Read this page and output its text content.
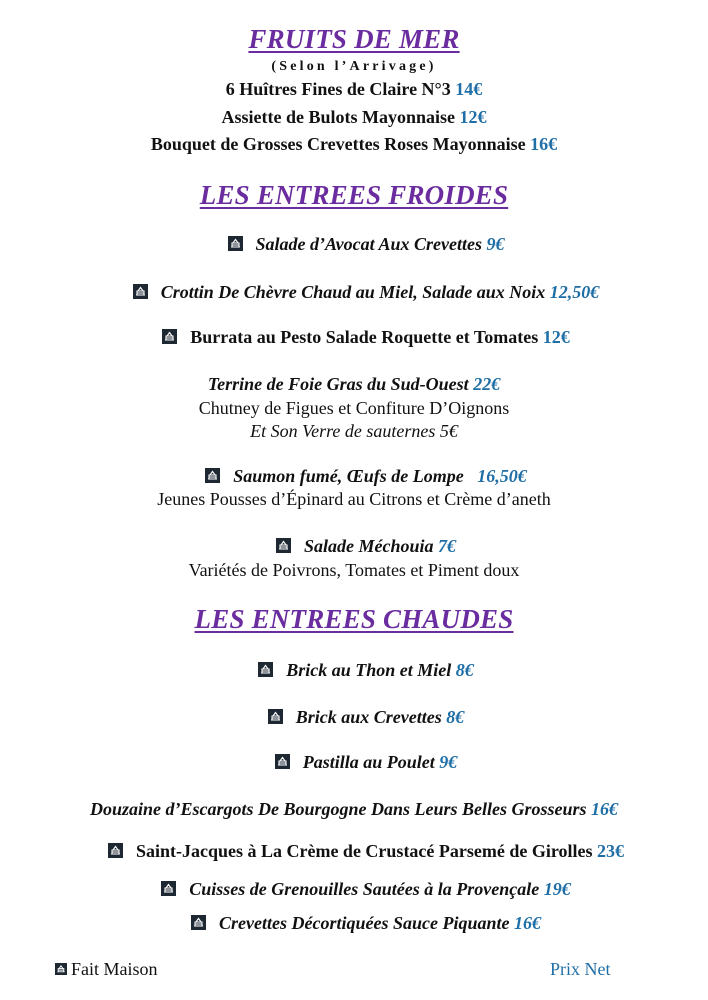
FRUITS DE MER
(Selon l’Arrivage)
6 Huîtres Fines de Claire N°3 14€
Assiette de Bulots Mayonnaise 12€
Bouquet de Grosses Crevettes Roses Mayonnaise 16€
LES ENTREES FROIDES
Salade d’Avocat Aux Crevettes 9€
Crottin De Chèvre Chaud au Miel, Salade aux Noix 12,50€
Burrata au Pesto Salade Roquette et Tomates 12€
Terrine de Foie Gras du Sud-Ouest 22€
Chutney de Figues et Confiture D’Oignons
Et Son Verre de sauternes 5€
Saumon fumé, Œufs de Lompe 16,50€
Jeunes Pousses d’Épinard au Citrons et Crème d’aneth
Salade Méchouia 7€
Variétés de Poivrons, Tomates et Piment doux
LES ENTREES CHAUDES
Brick au Thon et Miel 8€
Brick aux Crevettes 8€
Pastilla au Poulet 9€
Douzaine d’Escargots De Bourgogne Dans Leurs Belles Grosseurs 16€
Saint-Jacques à La Crème de Crustacé Parsemé de Girolles 23€
Cuisses de Grenouilles Sautées à la Provençale 19€
Crevettes Décortiquées Sauce Piquante 16€
Fait Maison	Prix Net
